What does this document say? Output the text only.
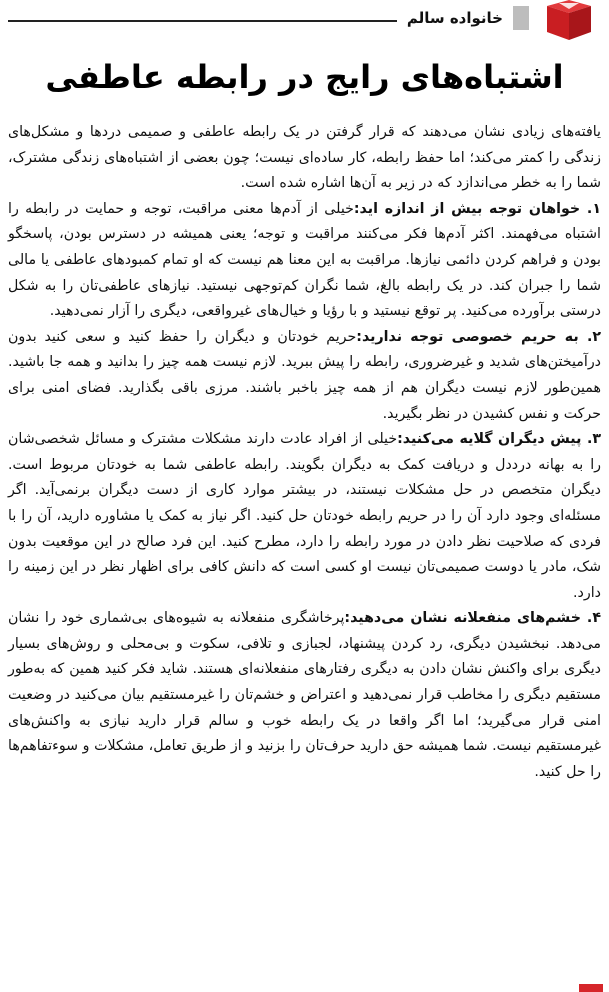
خانواده سالم
اشتباه‌های رایج در رابطه عاطفی

یافته‌های زیادی نشان می‌دهند که قرار گرفتن در یک رابطه عاطفی و صمیمی دردها و مشکل‌های زندگی را کمتر می‌کند؛ اما حفظ رابطه، کار ساده‌ای نیست؛ چون بعضی از اشتباه‌های زندگی مشترک، شما را به خطر می‌اندازد که در زیر به آن‌ها اشاره شده است.

۱. خواهان توجه بیش از اندازه اید:خیلی از آدم‌ها معنی مراقبت، توجه و حمایت در رابطه را اشتباه می‌فهمند. اکثر آدم‌ها فکر می‌کنند مراقبت و توجه؛ یعنی همیشه در دسترس بودن، پاسخگو بودن و فراهم کردن دائمی نیازها. مراقبت به این معنا هم نیست که او تمام کمبودهای عاطفی یا مالی شما را جبران کند. در یک رابطه بالغ، شما نگران کم‌توجهی نیستید. نیازهای عاطفی‌تان را به شکل درستی برآورده می‌کنید. پر توقع نیستید و با رؤیا و خیال‌های غیرواقعی، دیگری را آزار نمی‌دهید.

۲. به حریم خصوصی توجه ندارید:حریم خودتان و دیگران را حفظ کنید و سعی کنید بدون درآمیختن‌های شدید و غیرضروری، رابطه را پیش ببرید. لازم نیست همه چیز را بدانید و همه جا باشید. همین‌طور لازم نیست دیگران هم از همه چیز باخبر باشند. مرزی باقی بگذارید. فضای امنی برای حرکت و نفس کشیدن در نظر بگیرید.

۳. پیش دیگران گلایه می‌کنید:خیلی از افراد عادت دارند مشکلات مشترک و مسائل شخصی‌شان را به بهانه درددل و دریافت کمک به دیگران بگویند. رابطه عاطفی شما به خودتان مربوط است. دیگران متخصص در حل مشکلات نیستند، در بیشتر موارد کاری از دست دیگران برنمی‌آید. اگر مسئله‌ای وجود دارد آن را در حریم رابطه خودتان حل کنید. اگر نیاز به کمک یا مشاوره دارید، آن را با فردی که صلاحیت نظر دادن در مورد رابطه را دارد، مطرح کنید. این فرد صالح در این موقعیت بدون شک، مادر یا دوست صمیمی‌تان نیست او کسی است که دانش کافی برای اظهار نظر در این زمینه را دارد.

۴. خشم‌های منفعلانه نشان می‌دهید:پرخاشگری منفعلانه به شیوه‌های بی‌شماری خود را نشان می‌دهد. نبخشیدن دیگری، رد کردن پیشنهاد، لجبازی و تلافی، سکوت و بی‌محلی و روش‌های بسیار دیگری برای واکنش نشان دادن به دیگری رفتارهای منفعلانه‌ای هستند. شاید فکر کنید همین که به‌طور مستقیم دیگری را مخاطب قرار نمی‌دهید و اعتراض و خشم‌تان را غیرمستقیم بیان می‌کنید در وضعیت امنی قرار می‌گیرید؛ اما اگر واقعا در یک رابطه خوب و سالم قرار دارید نیازی به واکنش‌های غیرمستقیم نیست. شما همیشه حق دارید حرف‌تان را بزنید و از طریق تعامل، مشکلات و سوءتفاهم‌ها را حل کنید.
